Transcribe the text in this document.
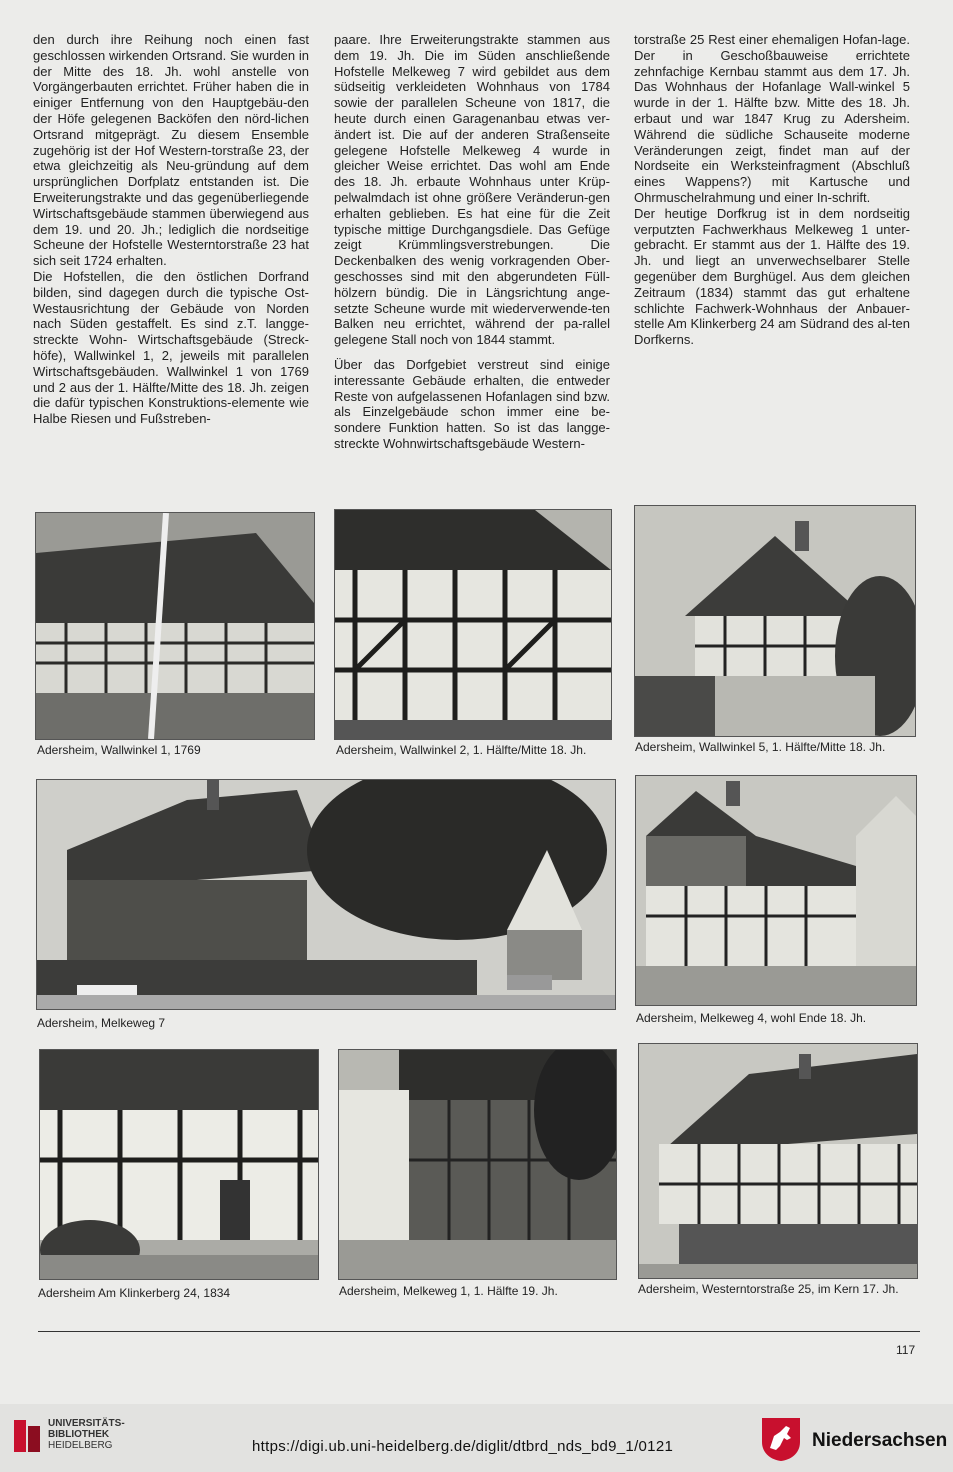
den durch ihre Reihung noch einen fast geschlossen wirkenden Ortsrand. Sie wurden in der Mitte des 18. Jh. wohl anstelle von Vorgängerbauten errichtet. Früher haben die in einiger Entfernung von den Hauptgebäu-den der Höfe gelegenen Backöfen den nörd-lichen Ortsrand mitgeprägt. Zu diesem Ensemble zugehörig ist der Hof Western-torstraße 23, der etwa gleichzeitig als Neu-gründung auf dem ursprünglichen Dorfplatz entstanden ist. Die Erweiterungstrakte und das gegenüberliegende Wirtschaftsgebäude stammen überwiegend aus dem 19. und 20. Jh.; lediglich die nordseitige Scheune der Hofstelle Westerntorstraße 23 hat sich seit 1724 erhalten.

Die Hofstellen, die den östlichen Dorfrand bilden, sind dagegen durch die typische Ost-Westausrichtung der Gebäude von Norden nach Süden gestaffelt. Es sind z.T. langge-streckte Wohn- Wirtschaftsgebäude (Streck-höfe), Wallwinkel 1, 2, jeweils mit parallelen Wirtschaftsgebäuden. Wallwinkel 1 von 1769 und 2 aus der 1. Hälfte/Mitte des 18. Jh. zeigen die dafür typischen Konstruktions-elemente wie Halbe Riesen und Fußstreben-

paare. Ihre Erweiterungstrakte stammen aus dem 19. Jh. Die im Süden anschließende Hofstelle Melkeweg 7 wird gebildet aus dem südseitig verkleideten Wohnhaus von 1784 sowie der parallelen Scheune von 1817, die heute durch einen Garagenanbau etwas ver-ändert ist. Die auf der anderen Straßenseite gelegene Hofstelle Melkeweg 4 wurde in gleicher Weise errichtet. Das wohl am Ende des 18. Jh. erbaute Wohnhaus unter Krüp-pelwalmdach ist ohne größere Veränderun-gen erhalten geblieben. Es hat eine für die Zeit typische mittige Durchgangsdiele. Das Gefüge zeigt Krümmlingsverstrebungen. Die Deckenbalken des wenig vorkragenden Ober-geschosses sind mit den abgerundeten Füll-hölzern bündig. Die in Längsrichtung ange-setzte Scheune wurde mit wiederverwende-ten Balken neu errichtet, während der pa-rallel gelegene Stall noch von 1844 stammt.

Über das Dorfgebiet verstreut sind einige interessante Gebäude erhalten, die entweder Reste von aufgelassenen Hofanlagen sind bzw. als Einzelgebäude schon immer eine be-sondere Funktion hatten. So ist das langge-streckte Wohnwirtschaftsgebäude Western-

torstraße 25 Rest einer ehemaligen Hofan-lage. Der in Geschoßbauweise errichtete zehnfachige Kernbau stammt aus dem 17. Jh. Das Wohnhaus der Hofanlage Wall-winkel 5 wurde in der 1. Hälfte bzw. Mitte des 18. Jh. erbaut und war 1847 Krug zu Adersheim. Während die südliche Schauseite moderne Veränderungen zeigt, findet man auf der Nordseite ein Werksteinfragment (Abschluß eines Wappens?) mit Kartusche und Ohrmuschelrahmung und einer In-schrift.

Der heutige Dorfkrug ist in dem nordseitig verputzten Fachwerkhaus Melkeweg 1 unter-gebracht. Er stammt aus der 1. Hälfte des 19. Jh. und liegt an unverwechselbarer Stelle gegenüber dem Burghügel. Aus dem gleichen Zeitraum (1834) stammt das gut erhaltene schlichte Fachwerk-Wohnhaus der Anbauer-stelle Am Klinkerberg 24 am Südrand des al-ten Dorfkerns.

Adersheim, Wallwinkel 1, 1769	Adersheim, Wallwinkel 2, 1. Hälfte/Mitte 18. Jh.	Adersheim, Wallwinkel 5, 1. Hälfte/Mitte 18. Jh.
Adersheim, Melkeweg 7	Adersheim, Melkeweg 4, wohl Ende 18. Jh.
Adersheim Am Klinkerberg 24, 1834	Adersheim, Melkeweg 1, 1. Hälfte 19. Jh.	Adersheim, Westerntorstraße 25, im Kern 17. Jh.
117
UNIVERSITÄTS-
BIBLIOTHEK
HEIDELBERG	https://digi.ub.uni-heidelberg.de/diglit/dtbrd_nds_bd9_1/0121	Niedersachsen
